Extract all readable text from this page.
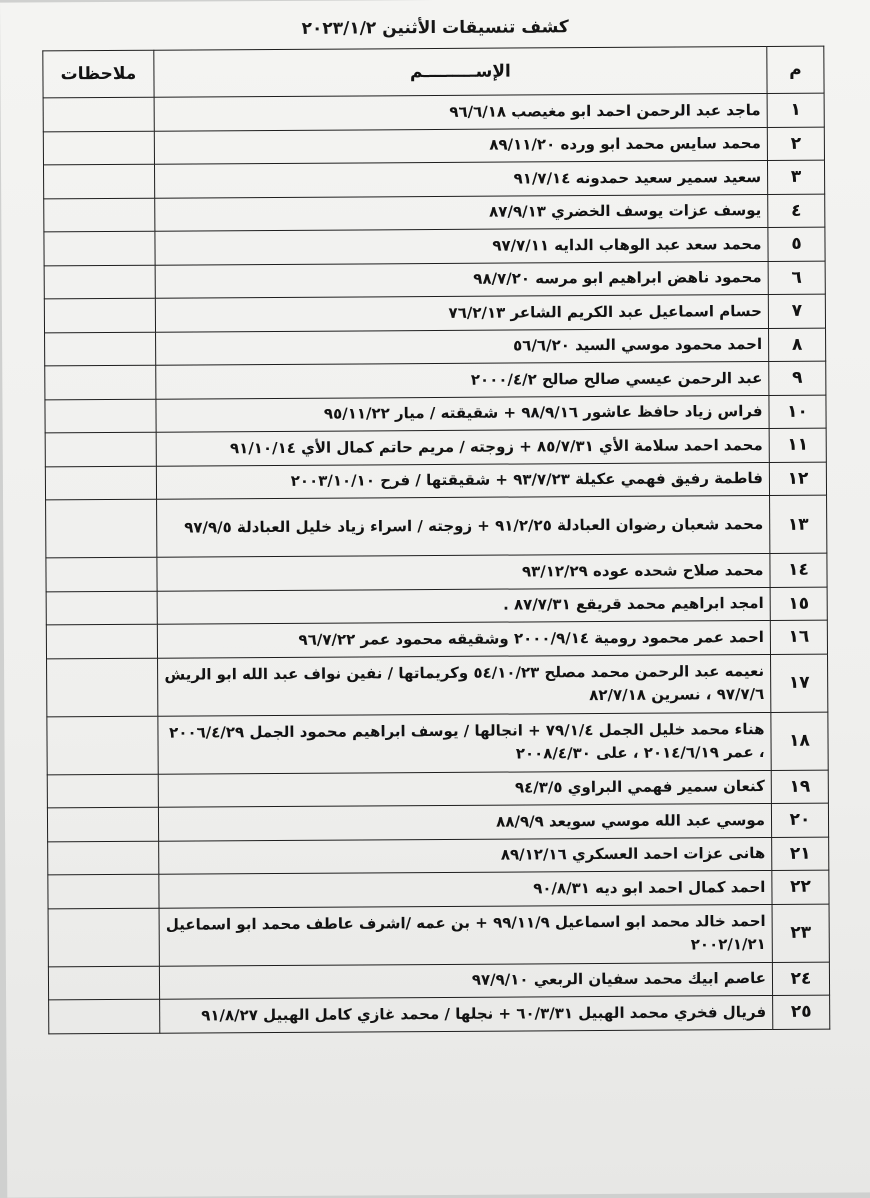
كشف تنسيقات الأثنين ٢٠٢٣/١/٢
م	الإســـــــــم	ملاحظات
١	ماجد عبد الرحمن احمد ابو مغيصب ٩٦/٦/١٨	
٢	محمد سايس محمد ابو ورده ٨٩/١١/٢٠	
٣	سعيد سمير سعيد حمدونه ٩١/٧/١٤	
٤	يوسف عزات يوسف الخضري ٨٧/٩/١٣	
٥	محمد سعد عبد الوهاب الدايه ٩٧/٧/١١	
٦	محمود ناهض ابراهيم ابو مرسه ٩٨/٧/٢٠	
٧	حسام اسماعيل عبد الكريم الشاعر ٧٦/٢/١٣	
٨	احمد محمود موسي السيد ٥٦/٦/٢٠	
٩	عبد الرحمن عيسي صالح صالح ٢٠٠٠/٤/٢	
١٠	فراس زياد حافظ عاشور ٩٨/٩/١٦ + شقيقته / ميار ٩٥/١١/٢٢	
١١	محمد احمد سلامة الأي ٨٥/٧/٣١ + زوجته / مريم حاتم كمال الأي ٩١/١٠/١٤	
١٢	فاطمة رفيق فهمي عكيلة ٩٣/٧/٢٣ + شقيقتها / فرح ٢٠٠٣/١٠/١٠	
١٣	محمد شعبان رضوان العبادلة ٩١/٢/٢٥ + زوجته / اسراء زياد خليل العبادلة ٩٧/٩/٥	
١٤	محمد صلاح شحده عوده ٩٣/١٢/٢٩	
١٥	امجد ابراهيم محمد قريقع ٨٧/٧/٣١ .	
١٦	احمد عمر محمود رومية ٢٠٠٠/٩/١٤ وشقيقه محمود عمر ٩٦/٧/٢٢	
١٧	نعيمه عبد الرحمن محمد مصلح ٥٤/١٠/٢٣ وكريماتها / نفين نواف عبد الله ابو الريش ٩٧/٧/٦ ، نسرين ٨٢/٧/١٨	
١٨	هناء محمد خليل الجمل ٧٩/١/٤ + انجالها / يوسف ابراهيم محمود الجمل ٢٠٠٦/٤/٢٩ ، عمر ٢٠١٤/٦/١٩ ، على ٢٠٠٨/٤/٣٠	
١٩	كنعان سمير فهمي البراوي ٩٤/٣/٥	
٢٠	موسي عبد الله موسي سويعد ٨٨/٩/٩	
٢١	هانى عزات احمد العسكري ٨٩/١٢/١٦	
٢٢	احمد كمال احمد ابو ديه ٩٠/٨/٣١	
٢٣	احمد خالد محمد ابو اسماعيل ٩٩/١١/٩ + بن عمه /اشرف عاطف محمد ابو اسماعيل ٢٠٠٢/١/٢١	
٢٤	عاصم ابيك محمد سفيان الربعي ٩٧/٩/١٠	
٢٥	فريال فخري محمد الهبيل ٦٠/٣/٣١ + نجلها / محمد غازي كامل الهبيل ٩١/٨/٢٧	
